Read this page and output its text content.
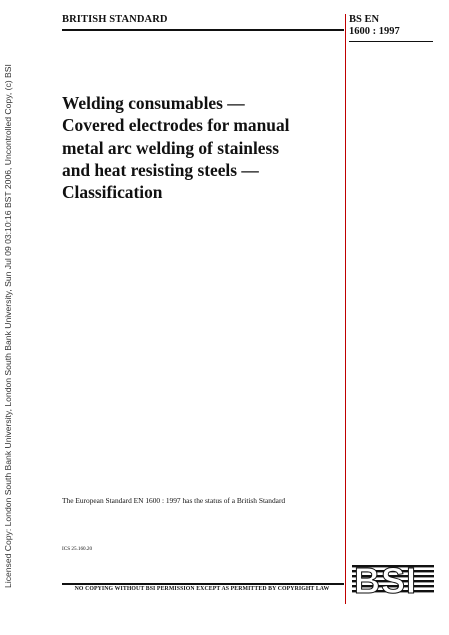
Licensed Copy: London South Bank University, London South Bank University, Sun Jul 09 03:10:16 BST 2006, Uncontrolled Copy, (c) BSI
BRITISH STANDARD	BS EN
1600 : 1997
Welding consumables —
Covered electrodes for manual
metal arc welding of stainless
and heat resisting steels —
Classification
The European Standard EN 1600 : 1997 has the status of a British Standard
ICS 25.160.20
NO COPYING WITHOUT BSI PERMISSION EXCEPT AS PERMITTED BY COPYRIGHT LAW BSI
